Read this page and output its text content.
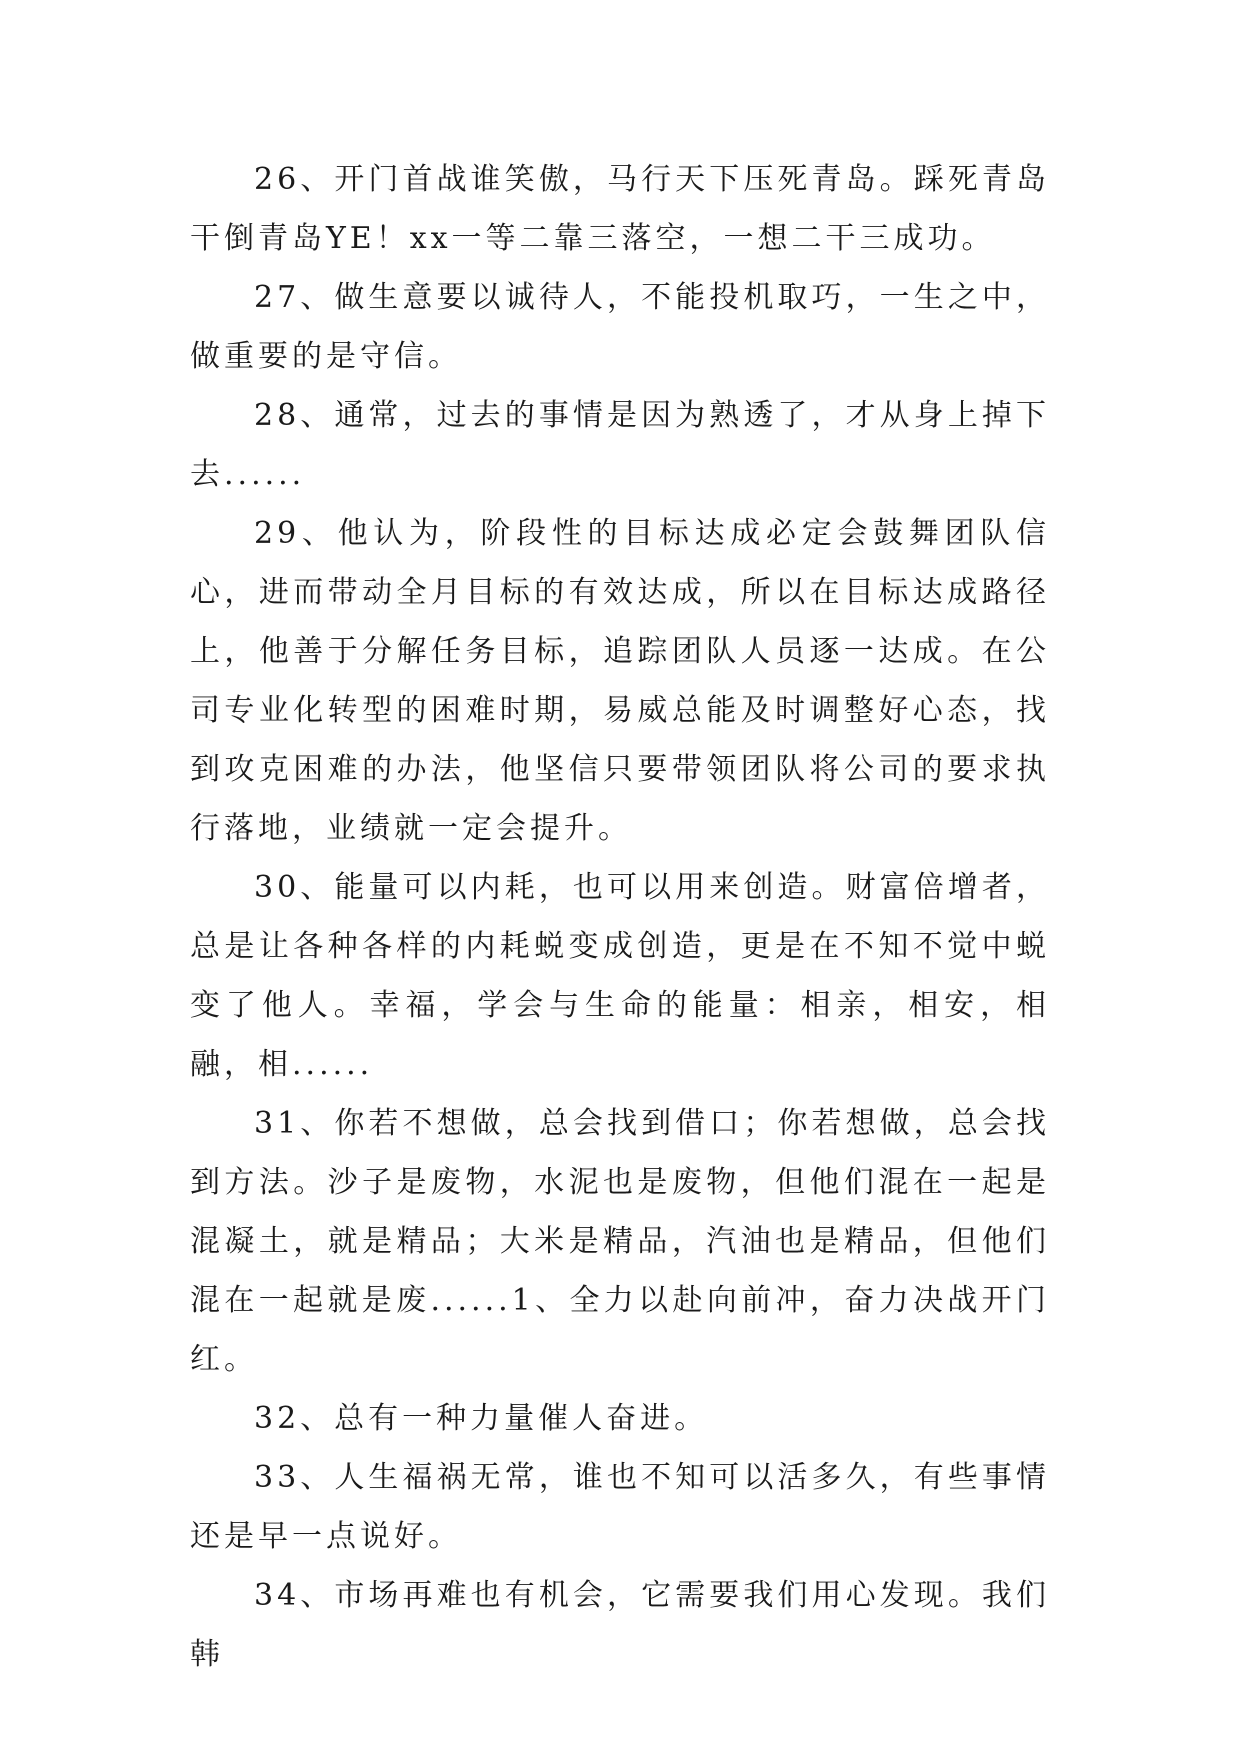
26、开门首战谁笑傲，马行天下压死青岛。踩死青岛干倒青岛YE！xx一等二靠三落空，一想二干三成功。

27、做生意要以诚待人，不能投机取巧，一生之中，做重要的是守信。

28、通常，过去的事情是因为熟透了，才从身上掉下去......

29、他认为，阶段性的目标达成必定会鼓舞团队信心，进而带动全月目标的有效达成，所以在目标达成路径上，他善于分解任务目标，追踪团队人员逐一达成。在公司专业化转型的困难时期，易威总能及时调整好心态，找到攻克困难的办法，他坚信只要带领团队将公司的要求执行落地，业绩就一定会提升。

30、能量可以内耗，也可以用来创造。财富倍增者，总是让各种各样的内耗蜕变成创造，更是在不知不觉中蜕变了他人。幸福，学会与生命的能量：相亲，相安，相融，相......

31、你若不想做，总会找到借口；你若想做，总会找到方法。沙子是废物，水泥也是废物，但他们混在一起是混凝土，就是精品；大米是精品，汽油也是精品，但他们混在一起就是废......1、全力以赴向前冲，奋力决战开门红。

32、总有一种力量催人奋进。

33、人生福祸无常，谁也不知可以活多久，有些事情还是早一点说好。

34、市场再难也有机会，它需要我们用心发现。我们韩
